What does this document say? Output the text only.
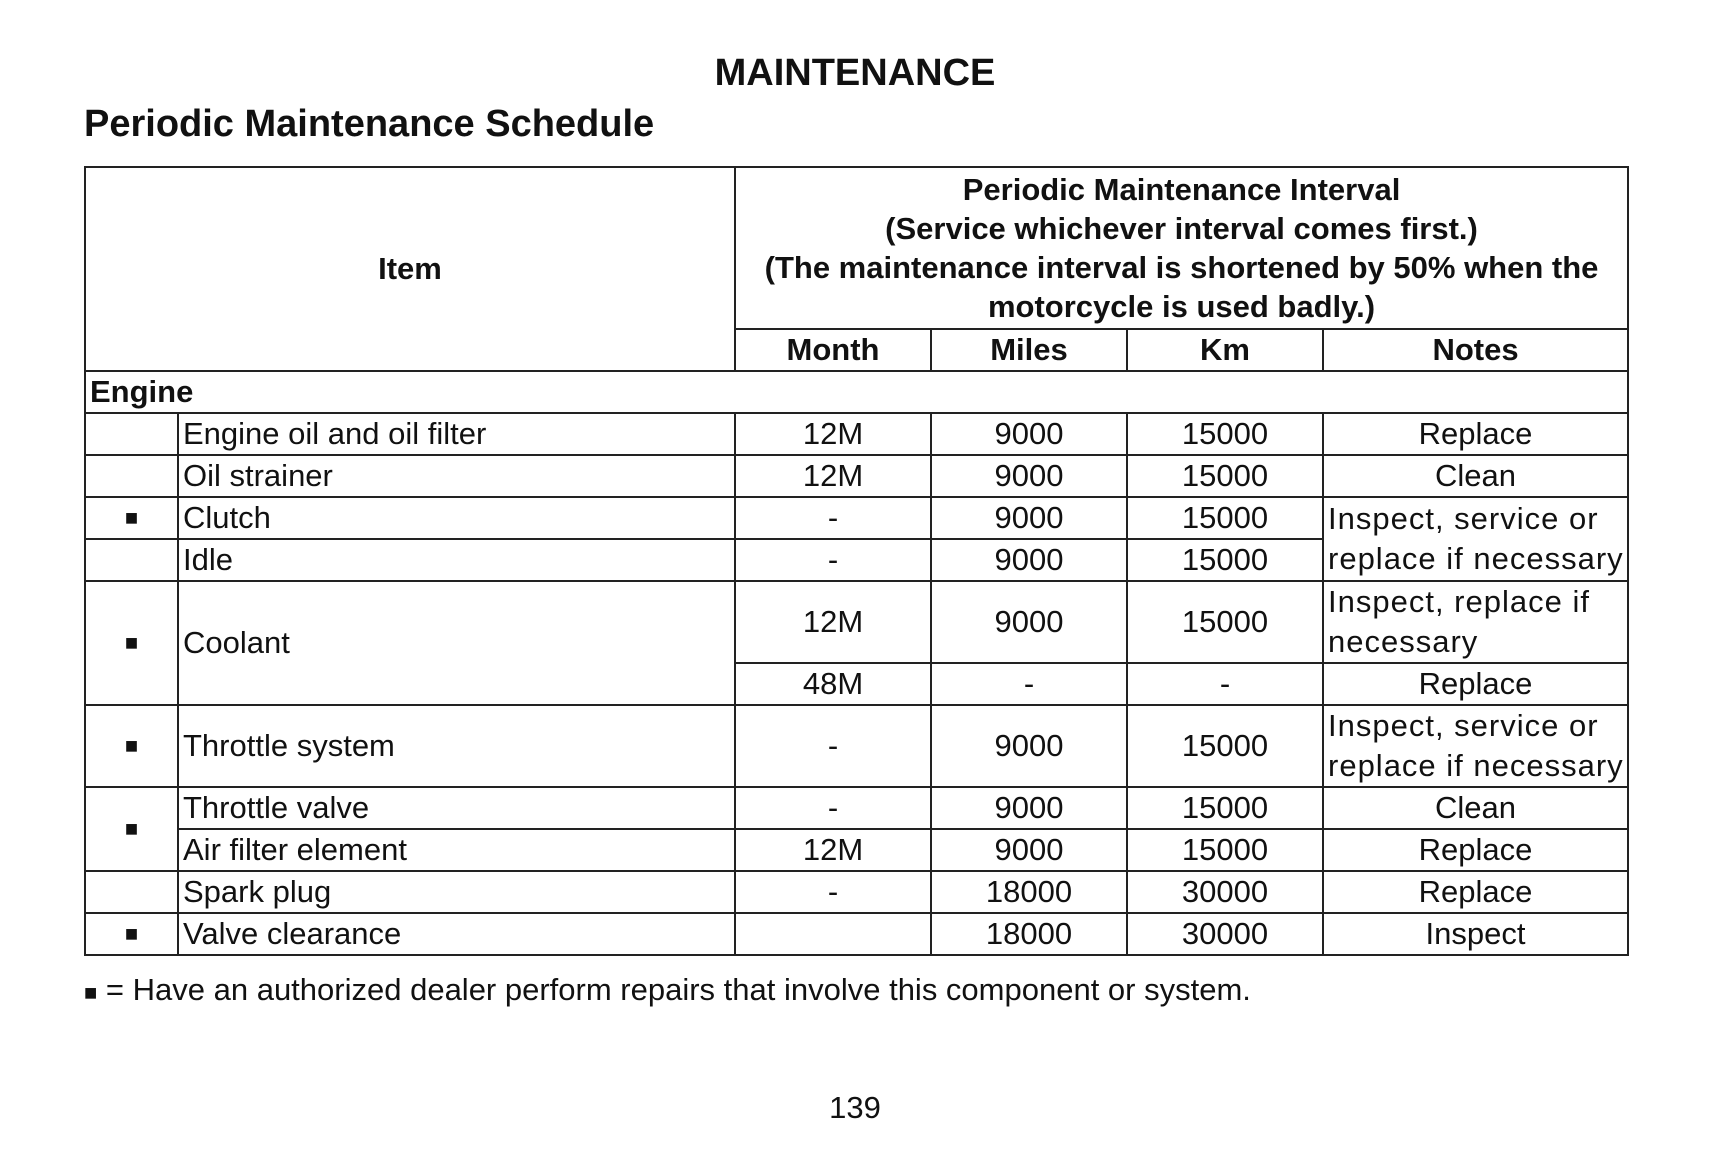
MAINTENANCE
Periodic Maintenance Schedule
Item		Periodic Maintenance Interval
(Service whichever interval comes first.)
(The maintenance interval is shortened by 50% when the
motorcycle is used badly.)			

		Month	Miles	Km	Notes
Engine					
	Engine oil and oil filter	12M	9000	15000	Replace
	Oil strainer	12M	9000	15000	Clean
■	Clutch	-	9000	15000	Inspect, service or replace if necessary
	Idle	-	9000	15000	
■	Coolant	12M	9000	15000	Inspect, replace if necessary
		48M	-	-	Replace
■	Throttle system	-	9000	15000	Inspect, service or replace if necessary
■	Throttle valve	-	9000	15000	Clean
	Air filter element	12M	9000	15000	Replace
	Spark plug	-	18000	30000	Replace
■	Valve clearance		18000	30000	Inspect

■ = Have an authorized dealer perform repairs that involve this component or system.

139
